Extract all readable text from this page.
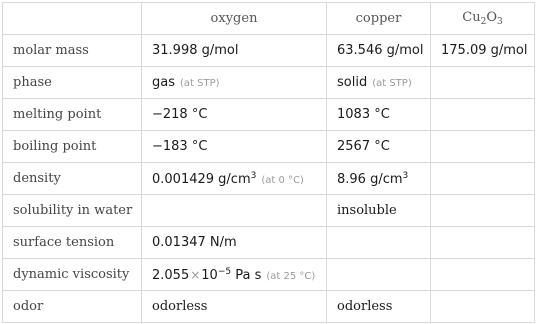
	oxygen	copper	$Cu_2O_3$
molar mass	31.998 g/mol	63.546 g/mol	175.09 g/mol
phase	gas (at STP)	solid (at STP)	
melting point	−218 °C	1083 °C	
boiling point	−183 °C	2567 °C	
density	0.001429 $g/cm^3$ (at 0 °C)	8.96 $g/cm^3$	
solubility in water		insoluble	
surface tension	0.01347 N/m		
dynamic viscosity	$2.055\times 10^{-5}$ Pa s (at 25 °C)		
odor	odorless	odorless	
